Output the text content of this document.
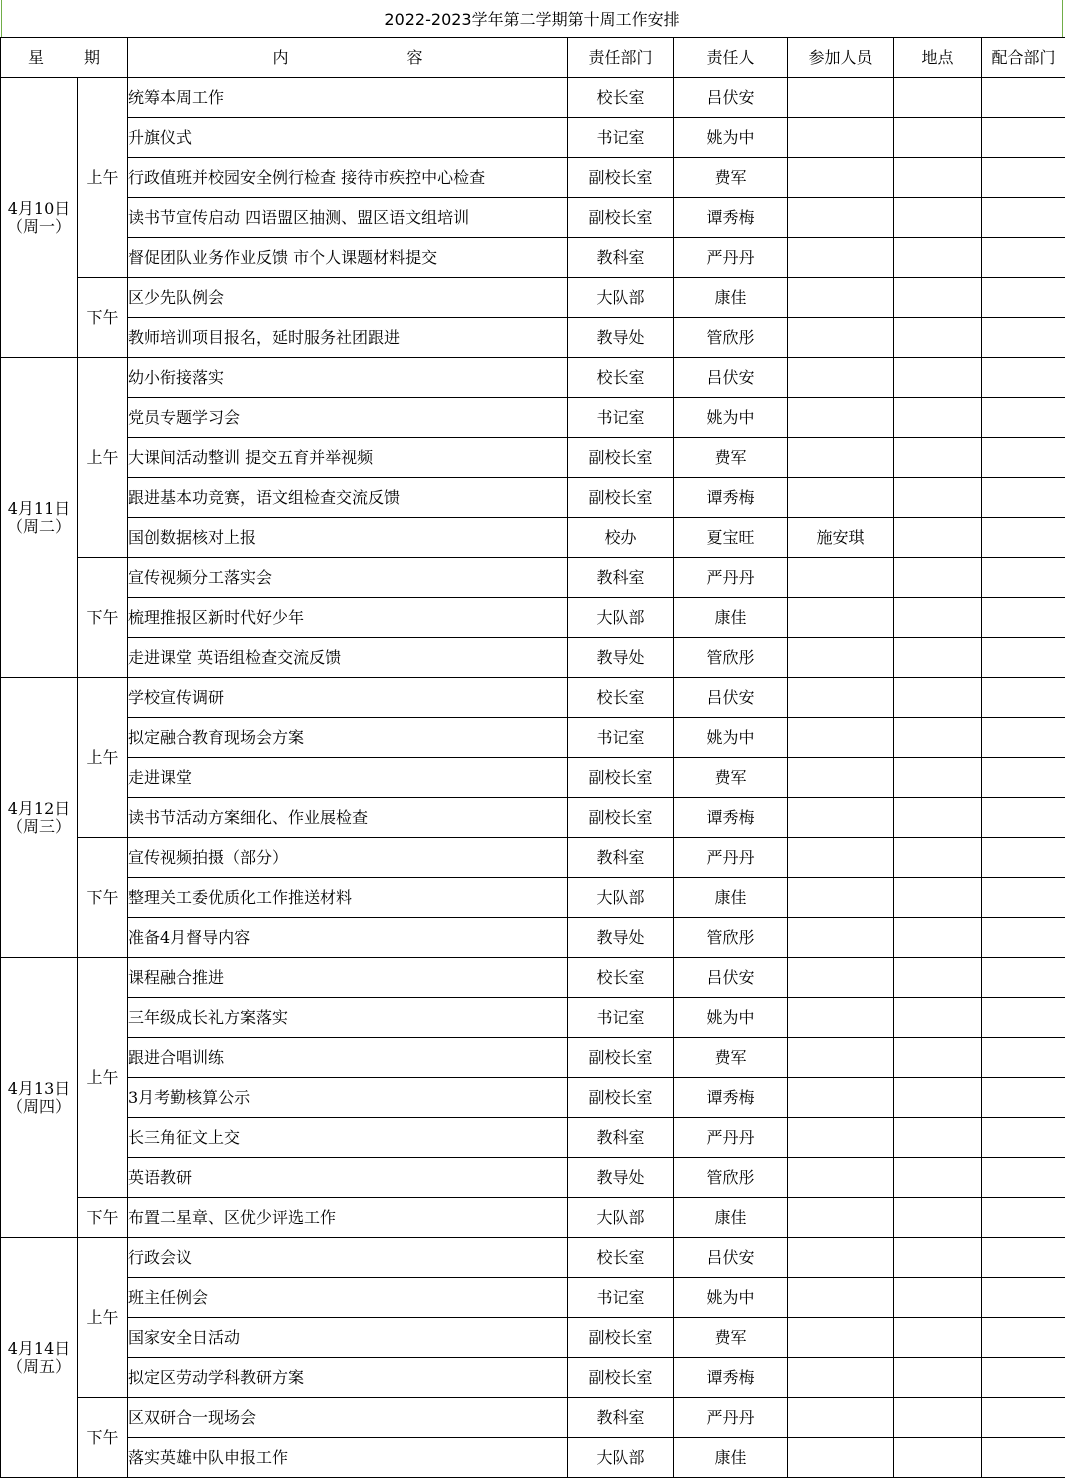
2022-2023学年第二学期第十周工作安排
星 期		内 容	责任部门	责任人	参加人员	地点	配合部门

4月10日
（周一）	上午	统筹本周工作	校长室	吕伏安			
		升旗仪式	书记室	姚为中			
		行政值班并校园安全例行检查 接待市疾控中心检查	副校长室	费军			
		读书节宣传启动 四语盟区抽测、盟区语文组培训	副校长室	谭秀梅			
		督促团队业务作业反馈 市个人课题材料提交	教科室	严丹丹			
	下午	区少先队例会	大队部	康佳			
		教师培训项目报名，延时服务社团跟进	教导处	管欣彤			

4月11日
（周二）	上午	幼小衔接落实	校长室	吕伏安			
		党员专题学习会	书记室	姚为中			
		大课间活动整训 提交五育并举视频	副校长室	费军			
		跟进基本功竞赛，语文组检查交流反馈	副校长室	谭秀梅			
		国创数据核对上报	校办	夏宝旺	施安琪		
	下午	宣传视频分工落实会	教科室	严丹丹			
		梳理推报区新时代好少年	大队部	康佳			
		走进课堂 英语组检查交流反馈	教导处	管欣彤			

4月12日
（周三）	上午	学校宣传调研	校长室	吕伏安			
		拟定融合教育现场会方案	书记室	姚为中			
		走进课堂	副校长室	费军			
		读书节活动方案细化、作业展检查	副校长室	谭秀梅			
	下午	宣传视频拍摄（部分）	教科室	严丹丹			
		整理关工委优质化工作推送材料	大队部	康佳			
		准备4月督导内容	教导处	管欣彤			

4月13日
（周四）	上午	课程融合推进	校长室	吕伏安			
		三年级成长礼方案落实	书记室	姚为中			
		跟进合唱训练	副校长室	费军			
		3月考勤核算公示	副校长室	谭秀梅			
		长三角征文上交	教科室	严丹丹			
		英语教研	教导处	管欣彤			
	下午	布置二星章、区优少评选工作	大队部	康佳			

4月14日
（周五）	上午	行政会议	校长室	吕伏安			
		班主任例会	书记室	姚为中			
		国家安全日活动	副校长室	费军			
		拟定区劳动学科教研方案	副校长室	谭秀梅			
	下午	区双研合一现场会	教科室	严丹丹			
		落实英雄中队申报工作	大队部	康佳			
